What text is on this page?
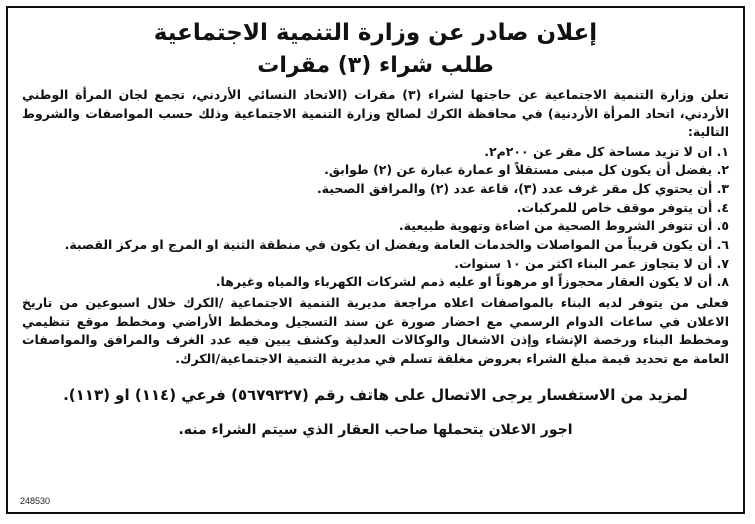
إعلان صادر عن وزارة التنمية الاجتماعية
طلب شراء (٣) مقرات

تعلن وزارة التنمية الاجتماعية عن حاجتها لشراء (٣) مقرات (الاتحاد النسائي الأردني، تجمع لجان المرأة الوطني الأردني، اتحاد المرأة الأردنية) في محافظة الكرك لصالح وزارة التنمية الاجتماعية وذلك حسب المواصفات والشروط التالية:

١. ان لا تزيد مساحة كل مقر عن ٢٠٠م٢.

٢. يفضل أن يكون كل مبنى مستقلاً او عمارة عبارة عن (٢) طوابق.

٣. أن يحتوي كل مقر غرف عدد (٣)، قاعة عدد (٢) والمرافق الصحية.

٤. أن يتوفر موقف خاص للمركبات.

٥. أن تتوفر الشروط الصحية من اضاءة وتهوية طبيعية.

٦. أن يكون قريباً من المواصلات والخدمات العامة ويفضل ان يكون في منطقة الثنية او المرج او مركز القصبة.

٧. أن لا يتجاوز عمر البناء اكثر من ١٠ سنوات.

٨. أن لا يكون العقار محجوزاً او مرهوناً او عليه ذمم لشركات الكهرباء والمياه وغيرها.

فعلى من يتوفر لديه البناء بالمواصفات اعلاه مراجعة مديرية التنمية الاجتماعية /الكرك خلال اسبوعين من تاريخ الاعلان في ساعات الدوام الرسمي مع احضار صورة عن سند التسجيل ومخطط الأراضي ومخطط موقع تنظيمي ومخطط البناء ورخصة الإنشاء وإذن الاشغال والوكالات العدلية وكشف يبين فيه عدد الغرف والمرافق والمواصفات العامة مع تحديد قيمة مبلغ الشراء بعروض مغلقة تسلم في مديرية التنمية الاجتماعية/الكرك.

لمزيد من الاستفسار يرجى الاتصال على هاتف رقم (٥٦٧٩٣٢٧) فرعي (١١٤) او (١١٣).

اجور الاعلان يتحملها صاحب العقار الذي سيتم الشراء منه.

248530
